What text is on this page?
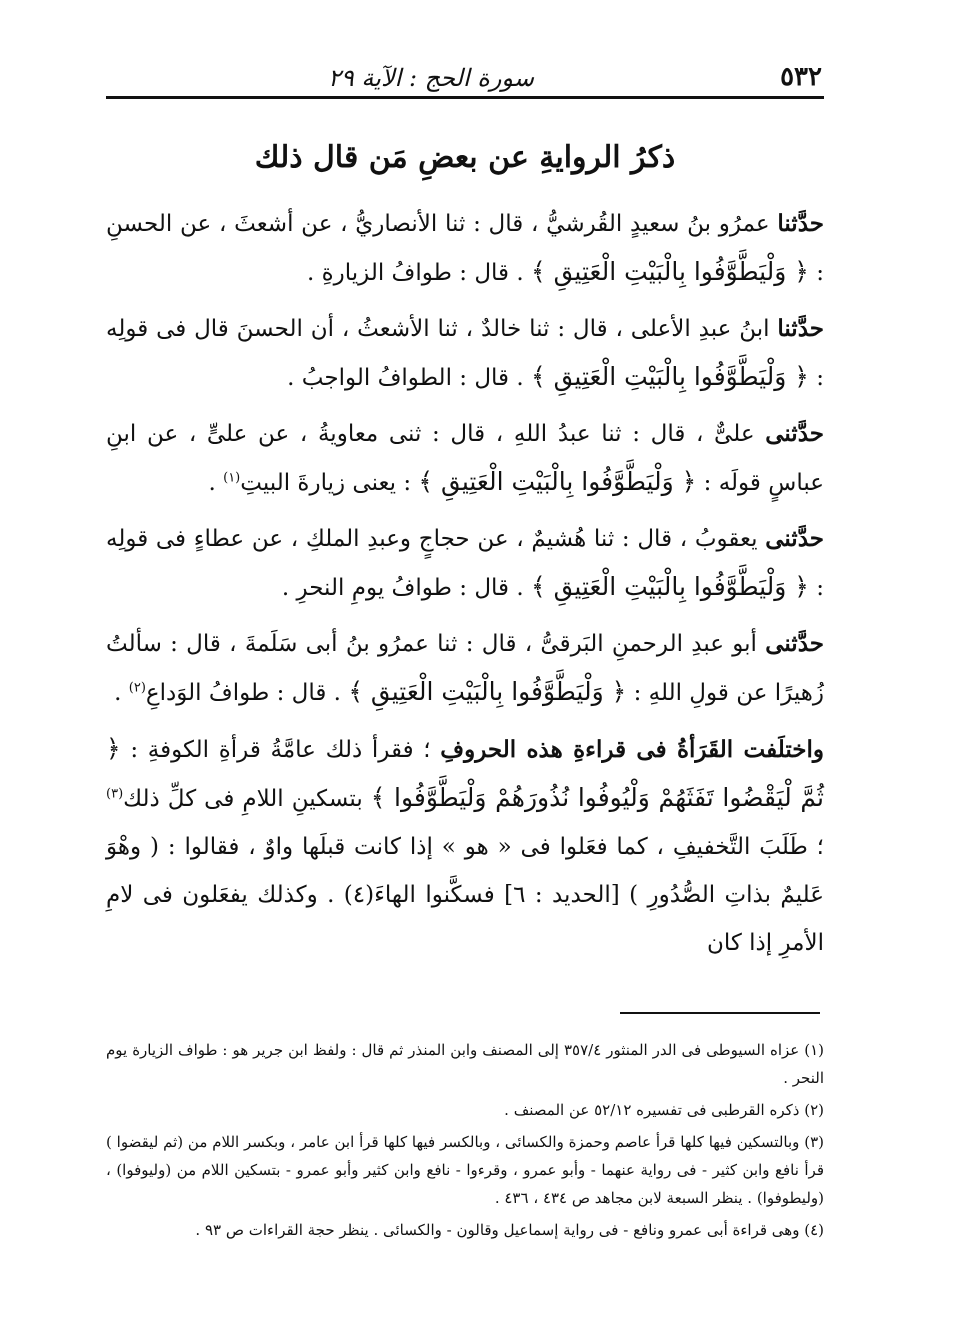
٥٣٢
سورة الحج : الآية ٢٩
ذكرُ الروايةِ عن بعضِ مَن قال ذلك

حدَّثنا عمرُو بنُ سعيدٍ القُرشيُّ ، قال : ثنا الأنصاريُّ ، عن أشعثَ ، عن الحسنِ : ﴿ وَلْيَطَّوَّفُوا بِالْبَيْتِ الْعَتِيقِ ﴾ . قال : طوافُ الزيارةِ .

حدَّثنا ابنُ عبدِ الأعلى ، قال : ثنا خالدٌ ، ثنا الأشعثُ ، أن الحسنَ قال فى قولِه : ﴿ وَلْيَطَّوَّفُوا بِالْبَيْتِ الْعَتِيقِ ﴾ . قال : الطوافُ الواجبُ .

حدَّثنى علىٌّ ، قال : ثنا عبدُ اللهِ ، قال : ثنى معاويةُ ، عن علىٍّ ، عن ابنِ عباسٍ قولَه : ﴿ وَلْيَطَّوَّفُوا بِالْبَيْتِ الْعَتِيقِ ﴾ : يعنى زيارةَ البيتِ$^{(١)}$ .

حدَّثنى يعقوبُ ، قال : ثنا هُشيمٌ ، عن حجاجٍ وعبدِ الملكِ ، عن عطاءٍ فى قولِه : ﴿ وَلْيَطَّوَّفُوا بِالْبَيْتِ الْعَتِيقِ ﴾ . قال : طوافُ يومِ النحرِ .

حدَّثنى أبو عبدِ الرحمنِ البَرقىُّ ، قال : ثنا عمرُو بنُ أبى سَلَمةَ ، قال : سألتُ زُهيرًا عن قولِ اللهِ : ﴿ وَلْيَطَّوَّفُوا بِالْبَيْتِ الْعَتِيقِ ﴾ . قال : طوافُ الوَداعِ$^{(٢)}$ .

واختلَفت القَرَأةُ فى قراءةِ هذه الحروفِ ؛ فقرأ ذلك عامَّةُ قرأةِ الكوفةِ : ﴿ ثُمَّ لْيَقْضُوا تَفَثَهُمْ وَلْيُوفُوا نُذُورَهُمْ وَلْيَطَّوَّفُوا ﴾ بتسكينِ اللامِ فى كلِّ ذلك$^{(٣)}$ ؛ طَلَبَ التَّخفيفِ ، كما فعَلوا فى « هو » إذا كانت قبلَها واوٌ ، فقالوا : ( وهْوَ عَليمٌ بذاتِ الصُّدُورِ ) [الحديد : ٦] فسكَّنوا الهاءَ(٤) . وكذلك يفعَلون فى لامِ الأمرِ إذا كان

(١) عزاه السيوطى فى الدر المنثور ٣٥٧/٤ إلى المصنف وابن المنذر ثم قال : ولفظ ابن جرير هو : طواف الزيارة يوم النحر .

(٢) ذكره القرطبى فى تفسيره ٥٢/١٢ عن المصنف .

(٣) وبالتسكين فيها كلها قرأ عاصم وحمزة والكسائى ، وبالكسر فيها كلها قرأ ابن عامر ، وبكسر اللام من (ثم ليقضوا ) قرأ نافع وابن كثير - فى رواية عنهما - وأبو عمرو ، وقرءوا - نافع وابن كثير وأبو عمرو - بتسكين اللام من (وليوفوا) ، (وليطوفوا) . ينظر السبعة لابن مجاهد ص ٤٣٤ ، ٤٣٦ .

(٤) وهى قراءة أبى عمرو ونافع - فى رواية إسماعيل وقالون - والكسائى . ينظر حجة القراءات ص ٩٣ .
